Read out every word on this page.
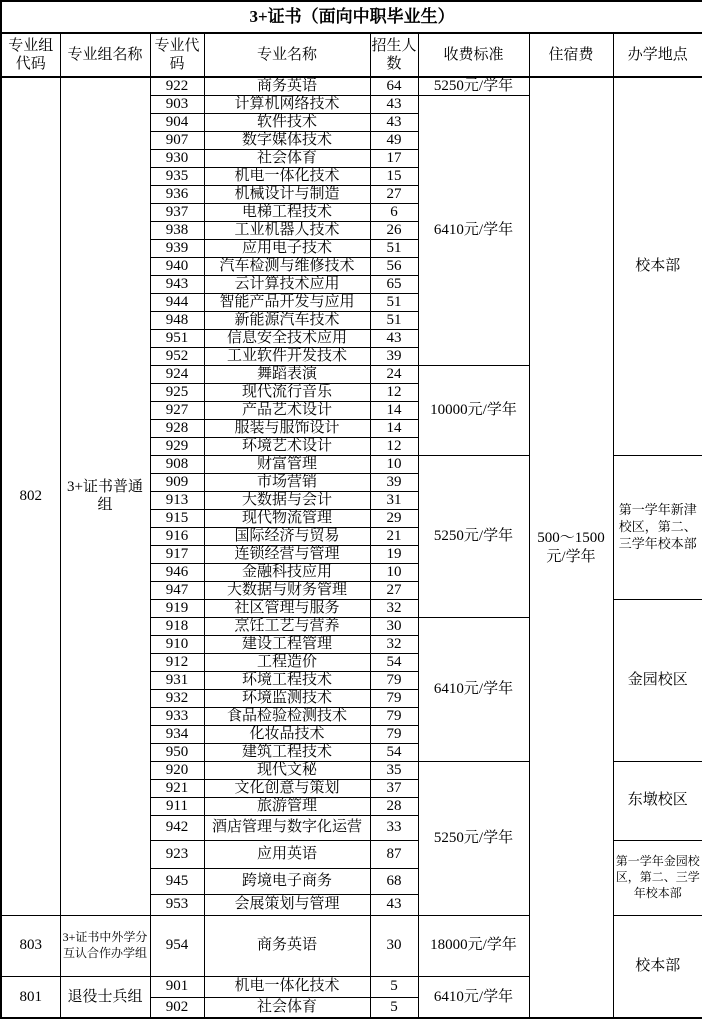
3+证书（面向中职毕业生）							
专业组代码	专业组名称	专业代码	专业名称	招生人数	收费标准	住宿费	办学地点
802	3+证书普通组	922	商务英语	64	5250元/学年	500～1500元/学年	校本部
		903	计算机网络技术	43	6410元/学年		
		904	软件技术	43			
		907	数字媒体技术	49			
		930	社会体育	17			
		935	机电一体化技术	15			
		936	机械设计与制造	27			
		937	电梯工程技术	6			
		938	工业机器人技术	26			
		939	应用电子技术	51			
		940	汽车检测与维修技术	56			
		943	云计算技术应用	65			
		944	智能产品开发与应用	51			
		948	新能源汽车技术	51			
		951	信息安全技术应用	43			
		952	工业软件开发技术	39			
		924	舞蹈表演	24	10000元/学年		
		925	现代流行音乐	12			
		927	产品艺术设计	14			
		928	服装与服饰设计	14			
		929	环境艺术设计	12			
		908	财富管理	10	5250元/学年		第一学年新津校区，第二、三学年校本部
		909	市场营销	39			
		913	大数据与会计	31			
		915	现代物流管理	29			
		916	国际经济与贸易	21			
		917	连锁经营与管理	19			
		946	金融科技应用	10			
		947	大数据与财务管理	27			
		919	社区管理与服务	32			金园校区
		918	烹饪工艺与营养	30	6410元/学年		
		910	建设工程管理	32			
		912	工程造价	54			
		931	环境工程技术	79			
		932	环境监测技术	79			
		933	食品检验检测技术	79			
		934	化妆品技术	79			
		950	建筑工程技术	54			
		920	现代文秘	35	5250元/学年		东墩校区
		921	文化创意与策划	37			
		911	旅游管理	28			
		942	酒店管理与数字化运营	33			
		923	应用英语	87			第一学年金园校区，第二、三学年校本部
		945	跨境电子商务	68			
		953	会展策划与管理	43			
803	3+证书中外学分互认合作办学组	954	商务英语	30	18000元/学年		校本部
801	退役士兵组	901	机电一体化技术	5	6410元/学年		
		902	社会体育	5			
